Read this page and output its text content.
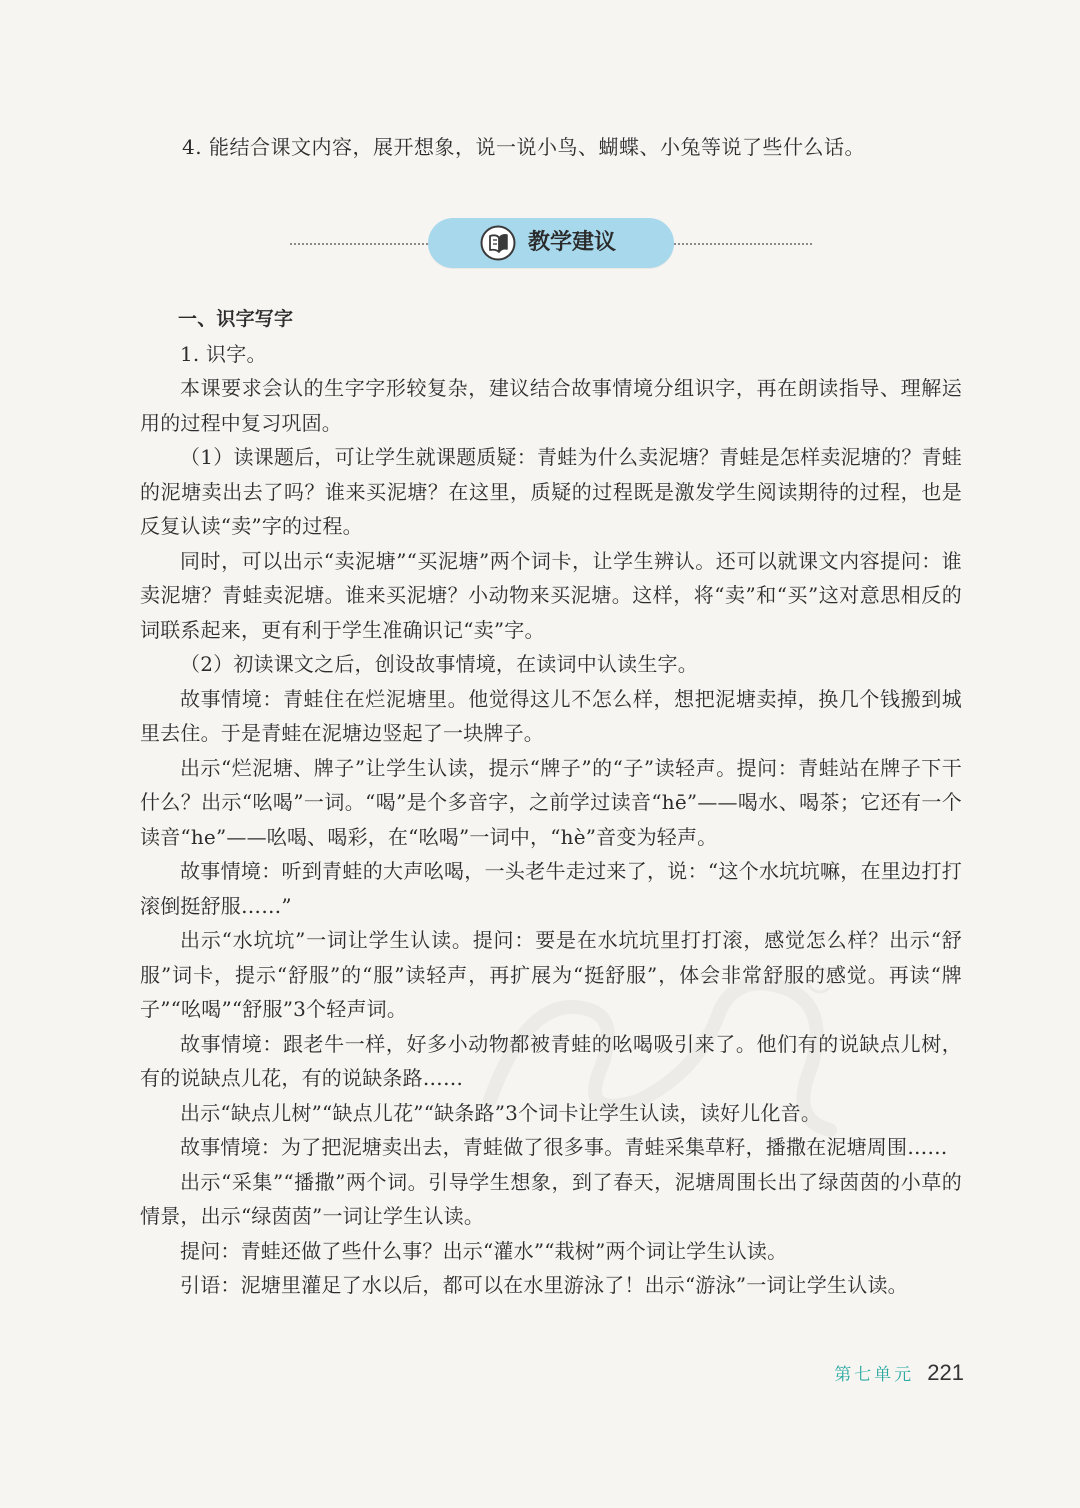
4. 能结合课文内容，展开想象，说一说小鸟、蝴蝶、小兔等说了些什么话。
教学建议

一、识字写字

1. 识字。

本课要求会认的生字字形较复杂，建议结合故事情境分组识字，再在朗读指导、理解运用的过程中复习巩固。

（1）读课题后，可让学生就课题质疑：青蛙为什么卖泥塘？青蛙是怎样卖泥塘的？青蛙的泥塘卖出去了吗？谁来买泥塘？在这里，质疑的过程既是激发学生阅读期待的过程，也是反复认读“卖”字的过程。

同时，可以出示“卖泥塘”“买泥塘”两个词卡，让学生辨认。还可以就课文内容提问：谁卖泥塘？青蛙卖泥塘。谁来买泥塘？小动物来买泥塘。这样，将“卖”和“买”这对意思相反的词联系起来，更有利于学生准确识记“卖”字。

（2）初读课文之后，创设故事情境，在读词中认读生字。

故事情境：青蛙住在烂泥塘里。他觉得这儿不怎么样，想把泥塘卖掉，换几个钱搬到城里去住。于是青蛙在泥塘边竖起了一块牌子。

出示“烂泥塘、牌子”让学生认读，提示“牌子”的“子”读轻声。提问：青蛙站在牌子下干什么？出示“吆喝”一词。“喝”是个多音字，之前学过读音“hē”——喝水、喝茶；它还有一个读音“he”——吆喝、喝彩，在“吆喝”一词中，“hè”音变为轻声。

故事情境：听到青蛙的大声吆喝，一头老牛走过来了，说：“这个水坑坑嘛，在里边打打滚倒挺舒服……”

出示“水坑坑”一词让学生认读。提问：要是在水坑坑里打打滚，感觉怎么样？出示“舒服”词卡，提示“舒服”的“服”读轻声，再扩展为“挺舒服”，体会非常舒服的感觉。再读“牌子”“吆喝”“舒服”3个轻声词。

故事情境：跟老牛一样，好多小动物都被青蛙的吆喝吸引来了。他们有的说缺点儿树，有的说缺点儿花，有的说缺条路……

出示“缺点儿树”“缺点儿花”“缺条路”3个词卡让学生认读，读好儿化音。

故事情境：为了把泥塘卖出去，青蛙做了很多事。青蛙采集草籽，播撒在泥塘周围……

出示“采集”“播撒”两个词。引导学生想象，到了春天，泥塘周围长出了绿茵茵的小草的情景，出示“绿茵茵”一词让学生认读。

提问：青蛙还做了些什么事？出示“灌水”“栽树”两个词让学生认读。

引语：泥塘里灌足了水以后，都可以在水里游泳了！出示“游泳”一词让学生认读。

第七单元 221
